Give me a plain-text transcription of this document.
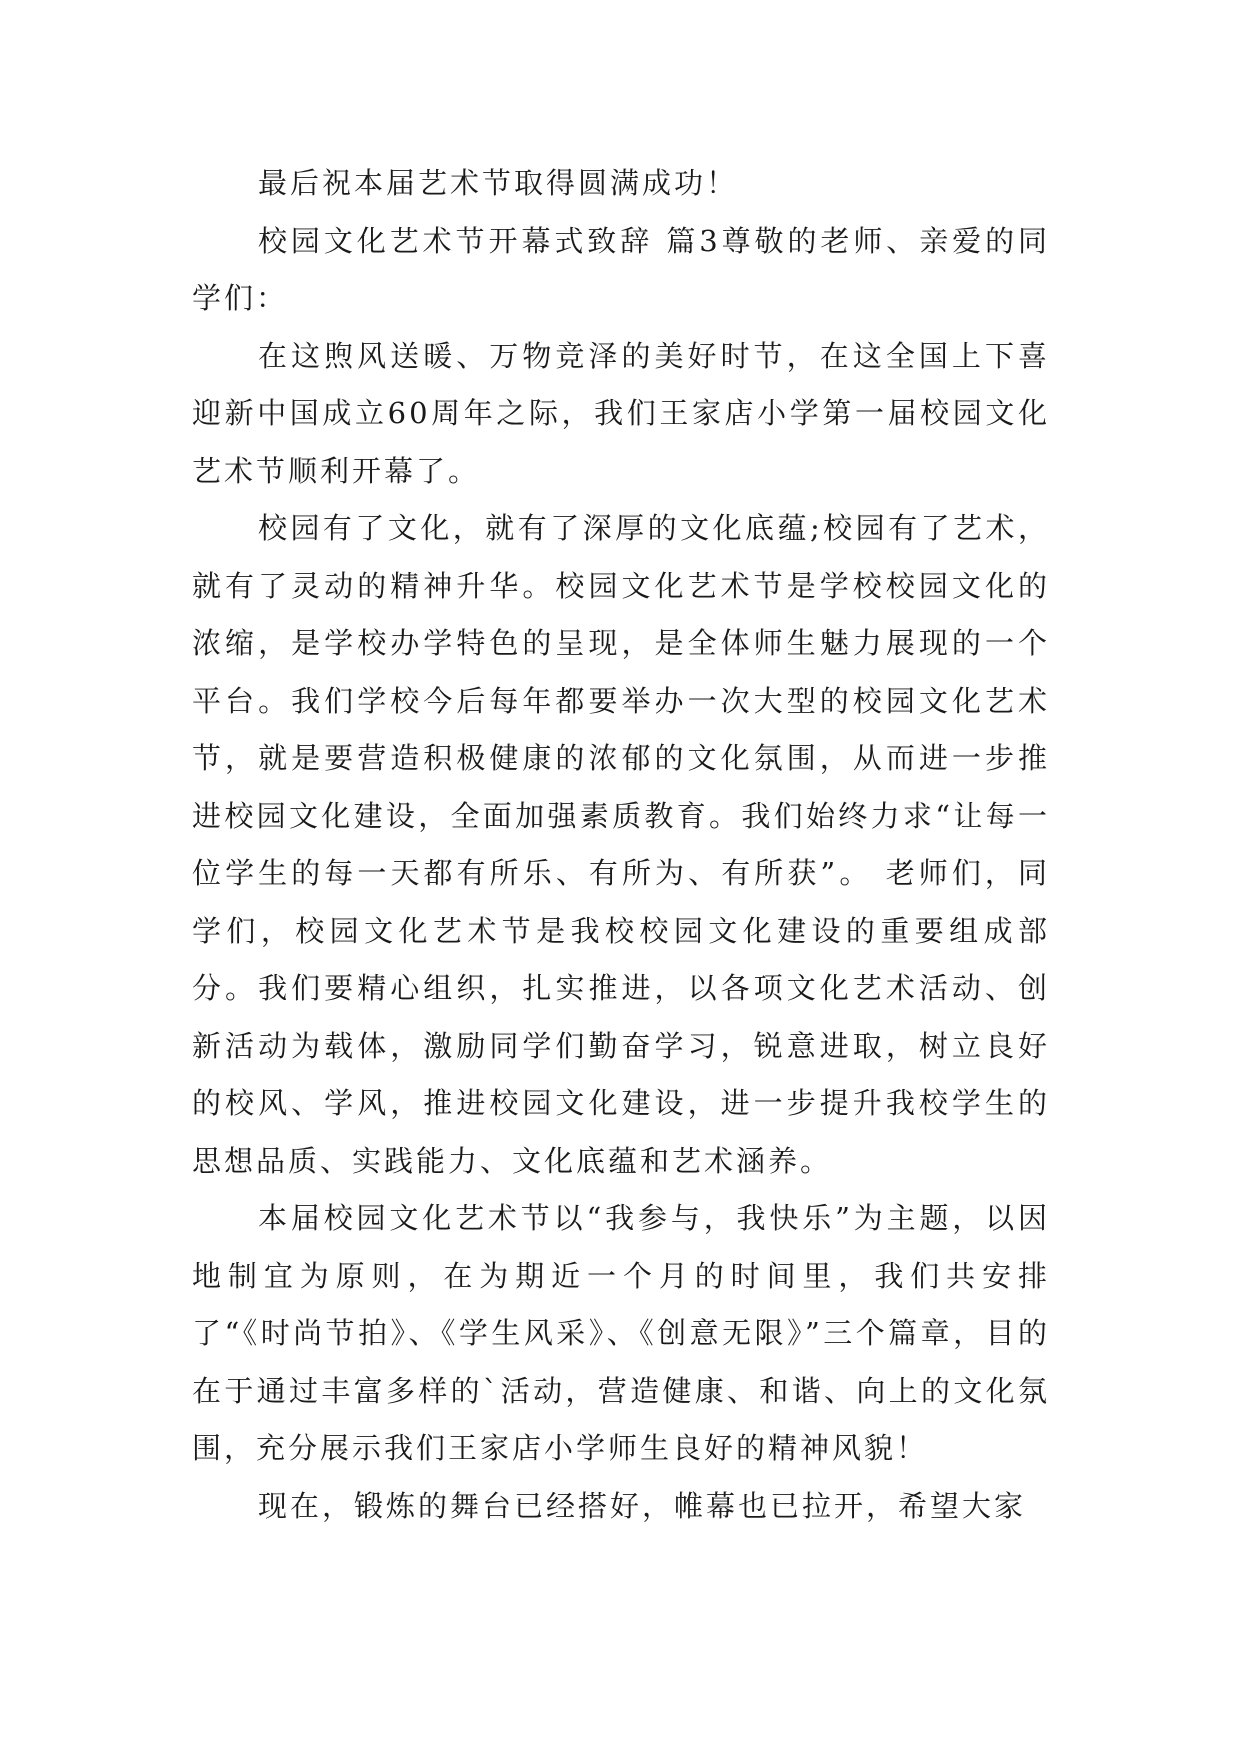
最后祝本届艺术节取得圆满成功！

校园文化艺术节开幕式致辞 篇3尊敬的老师、亲爱的同学们：

在这煦风送暖、万物竞泽的美好时节，在这全国上下喜迎新中国成立60周年之际，我们王家店小学第一届校园文化艺术节顺利开幕了。

校园有了文化，就有了深厚的文化底蕴;校园有了艺术，就有了灵动的精神升华。校园文化艺术节是学校校园文化的浓缩，是学校办学特色的呈现，是全体师生魅力展现的一个平台。我们学校今后每年都要举办一次大型的校园文化艺术节，就是要营造积极健康的浓郁的文化氛围，从而进一步推进校园文化建设，全面加强素质教育。我们始终力求“让每一位学生的每一天都有所乐、有所为、有所获”。 老师们，同学们，校园文化艺术节是我校校园文化建设的重要组成部分。我们要精心组织，扎实推进，以各项文化艺术活动、创新活动为载体，激励同学们勤奋学习，锐意进取，树立良好的校风、学风，推进校园文化建设，进一步提升我校学生的思想品质、实践能力、文化底蕴和艺术涵养。

本届校园文化艺术节以“我参与，我快乐”为主题，以因地制宜为原则，在为期近一个月的时间里，我们共安排了“《时尚节拍》、《学生风采》、《创意无限》”三个篇章，目的在于通过丰富多样的`活动，营造健康、和谐、向上的文化氛围，充分展示我们王家店小学师生良好的精神风貌！

现在，锻炼的舞台已经搭好，帷幕也已拉开，希望大家
